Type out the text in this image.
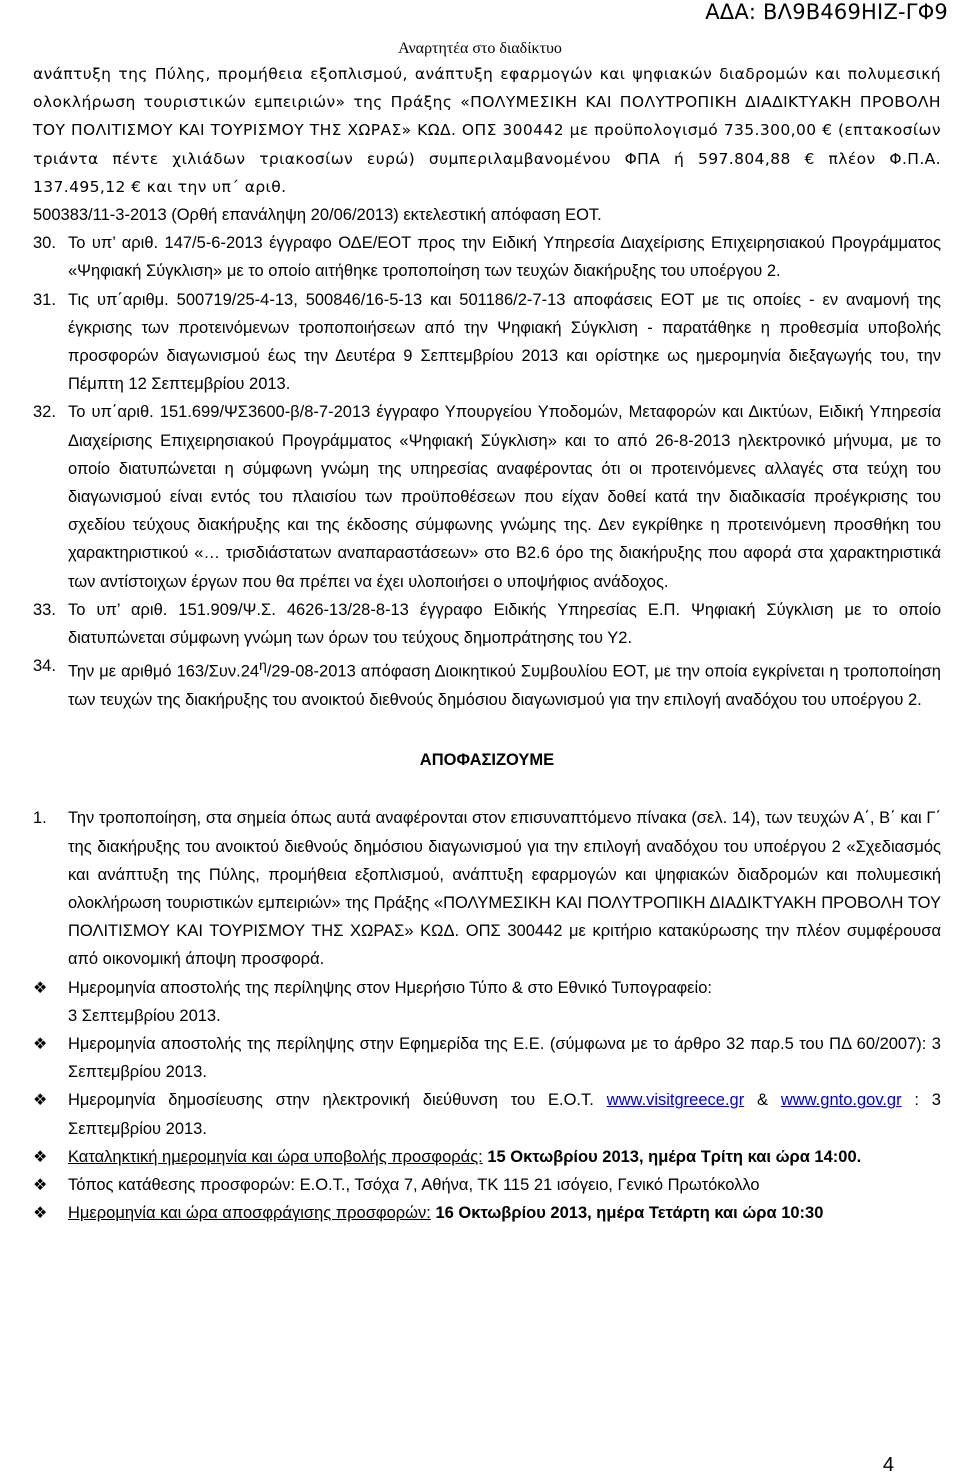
ΑΔΑ: ΒΛ9Β469ΗΙΖ-ΓΦ9
Αναρτητέα στο διαδίκτυο

ανάπτυξη της Πύλης, προμήθεια εξοπλισμού, ανάπτυξη εφαρμογών και ψηφιακών διαδρομών και πολυμεσική ολοκλήρωση τουριστικών εμπειριών» της Πράξης «ΠΟΛΥΜΕΣΙΚΗ ΚΑΙ ΠΟΛΥΤΡΟΠΙΚΗ ΔΙΑΔΙΚΤΥΑΚΗ ΠΡΟΒΟΛΗ ΤΟΥ ΠΟΛΙΤΙΣΜΟΥ ΚΑΙ ΤΟΥΡΙΣΜΟΥ ΤΗΣ ΧΩΡΑΣ» ΚΩΔ. ΟΠΣ 300442 με προϋπολογισμό 735.300,00 € (επτακοσίων τριάντα πέντε χιλιάδων τριακοσίων ευρώ) συμπεριλαμβανομένου ΦΠΑ ή 597.804,88 € πλέον Φ.Π.Α. 137.495,12 € και την υπ΄ αριθ.

500383/11-3-2013 (Ορθή επανάληψη 20/06/2013) εκτελεστική απόφαση ΕΟΤ.

30. Το υπ’ αριθ. 147/5-6-2013 έγγραφο ΟΔΕ/ΕΟΤ προς την Ειδική Υπηρεσία Διαχείρισης Επιχειρησιακού Προγράμματος «Ψηφιακή Σύγκλιση» με το οποίο αιτήθηκε τροποποίηση των τευχών διακήρυξης του υποέργου 2.

31. Τις υπ΄αριθμ. 500719/25-4-13, 500846/16-5-13 και 501186/2-7-13 αποφάσεις ΕΟΤ με τις οποίες - εν αναμονή της έγκρισης των προτεινόμενων τροποποιήσεων από την Ψηφιακή Σύγκλιση - παρατάθηκε η προθεσμία υποβολής προσφορών διαγωνισμού έως την Δευτέρα 9 Σεπτεμβρίου 2013 και ορίστηκε ως ημερομηνία διεξαγωγής του, την Πέμπτη 12 Σεπτεμβρίου 2013.

32. Το υπ΄αριθ. 151.699/ΨΣ3600-β/8-7-2013 έγγραφο Υπουργείου Υποδομών, Μεταφορών και Δικτύων, Ειδική Υπηρεσία Διαχείρισης Επιχειρησιακού Προγράμματος «Ψηφιακή Σύγκλιση» και το από 26-8-2013 ηλεκτρονικό μήνυμα, με το οποίο διατυπώνεται η σύμφωνη γνώμη της υπηρεσίας αναφέροντας ότι οι προτεινόμενες αλλαγές στα τεύχη του διαγωνισμού είναι εντός του πλαισίου των προϋποθέσεων που είχαν δοθεί κατά την διαδικασία προέγκρισης του σχεδίου τεύχους διακήρυξης και της έκδοσης σύμφωνης γνώμης της. Δεν εγκρίθηκε η προτεινόμενη προσθήκη του χαρακτηριστικού «… τρισδιάστατων αναπαραστάσεων» στο Β2.6 όρο της διακήρυξης που αφορά στα χαρακτηριστικά των αντίστοιχων έργων που θα πρέπει να έχει υλοποιήσει ο υποψήφιος ανάδοχος.

33. Το υπ’ αριθ. 151.909/Ψ.Σ. 4626-13/28-8-13 έγγραφο Ειδικής Υπηρεσίας Ε.Π. Ψηφιακή Σύγκλιση με το οποίο διατυπώνεται σύμφωνη γνώμη των όρων του τεύχους δημοπράτησης του Υ2.

34. Την με αριθμό $163/\Sigma\upsilon\nu.24^\eta/29-08-2013$ απόφαση Διοικητικού Συμβουλίου ΕΟΤ, με την οποία εγκρίνεται η τροποποίηση των τευχών της διακήρυξης του ανοικτού διεθνούς δημόσιου διαγωνισμού για την επιλογή αναδόχου του υποέργου 2.

ΑΠΟΦΑΣΙΖΟΥΜΕ

1. Την τροποποίηση, στα σημεία όπως αυτά αναφέρονται στον επισυναπτόμενο πίνακα (σελ. 14), των τευχών Α΄, Β΄ και Γ΄ της διακήρυξης του ανοικτού διεθνούς δημόσιου διαγωνισμού για την επιλογή αναδόχου του υποέργου 2 «Σχεδιασμός και ανάπτυξη της Πύλης, προμήθεια εξοπλισμού, ανάπτυξη εφαρμογών και ψηφιακών διαδρομών και πολυμεσική ολοκλήρωση τουριστικών εμπειριών» της Πράξης «ΠΟΛΥΜΕΣΙΚΗ ΚΑΙ ΠΟΛΥΤΡΟΠΙΚΗ ΔΙΑΔΙΚΤΥΑΚΗ ΠΡΟΒΟΛΗ ΤΟΥ ΠΟΛΙΤΙΣΜΟΥ ΚΑΙ ΤΟΥΡΙΣΜΟΥ ΤΗΣ ΧΩΡΑΣ» ΚΩΔ. ΟΠΣ 300442 με κριτήριο κατακύρωσης την πλέον συμφέρουσα από οικονομική άποψη προσφορά.

❖ Ημερομηνία αποστολής της περίληψης στον Ημερήσιο Τύπο & στο Εθνικό Τυπογραφείο:
3 Σεπτεμβρίου 2013.
❖ Ημερομηνία αποστολής της περίληψης στην Εφημερίδα της Ε.Ε. (σύμφωνα με το άρθρο 32 παρ.5 του ΠΔ 60/2007): 3 Σεπτεμβρίου 2013.
❖ Ημερομηνία δημοσίευσης στην ηλεκτρονική διεύθυνση του Ε.Ο.Τ. www.visitgreece.gr & www.gnto.gov.gr : 3 Σεπτεμβρίου 2013.
❖ Καταληκτική ημερομηνία και ώρα υποβολής προσφοράς: 15 Οκτωβρίου 2013, ημέρα Τρίτη και ώρα 14:00.
❖ Τόπος κατάθεσης προσφορών: Ε.Ο.Τ., Τσόχα 7, Αθήνα, ΤΚ 115 21 ισόγειο, Γενικό Πρωτόκολλο
❖ Ημερομηνία και ώρα αποσφράγισης προσφορών: 16 Οκτωβρίου 2013, ημέρα Τετάρτη και ώρα 10:30
4
